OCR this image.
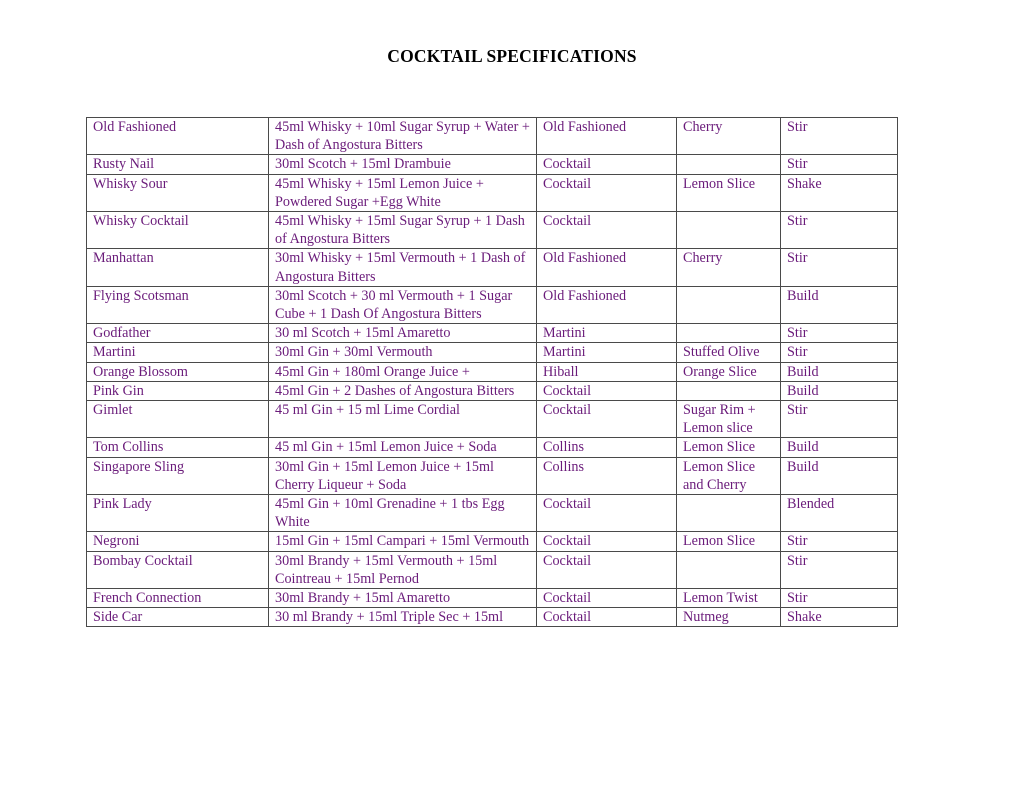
COCKTAIL SPECIFICATIONS
Old Fashioned	45ml Whisky + 10ml Sugar Syrup + Water + Dash of Angostura Bitters	Old Fashioned	Cherry	Stir
Rusty Nail	30ml Scotch + 15ml Drambuie	Cocktail		Stir
Whisky Sour	45ml Whisky + 15ml Lemon Juice + Powdered Sugar +Egg White	Cocktail	Lemon Slice	Shake
Whisky Cocktail	45ml Whisky + 15ml Sugar Syrup + 1 Dash of Angostura Bitters	Cocktail		Stir
Manhattan	30ml Whisky + 15ml Vermouth + 1 Dash of Angostura Bitters	Old Fashioned	Cherry	Stir
Flying Scotsman	30ml Scotch + 30 ml Vermouth + 1 Sugar Cube + 1 Dash Of Angostura Bitters	Old Fashioned		Build
Godfather	30 ml Scotch + 15ml Amaretto	Martini		Stir
Martini	30ml Gin + 30ml Vermouth	Martini	Stuffed Olive	Stir
Orange Blossom	45ml Gin + 180ml Orange Juice +	Hiball	Orange Slice	Build
Pink Gin	45ml Gin + 2 Dashes of Angostura Bitters	Cocktail		Build
Gimlet	45 ml Gin + 15 ml Lime Cordial	Cocktail	Sugar Rim + Lemon slice	Stir
Tom Collins	45 ml Gin + 15ml Lemon Juice + Soda	Collins	Lemon Slice	Build
Singapore Sling	30ml Gin + 15ml Lemon Juice + 15ml Cherry Liqueur + Soda	Collins	Lemon Slice and Cherry	Build
Pink Lady	45ml Gin + 10ml Grenadine + 1 tbs Egg White	Cocktail		Blended
Negroni	15ml Gin + 15ml Campari + 15ml Vermouth	Cocktail	Lemon Slice	Stir
Bombay Cocktail	30ml Brandy + 15ml Vermouth + 15ml Cointreau + 15ml Pernod	Cocktail		Stir
French Connection	30ml Brandy + 15ml Amaretto	Cocktail	Lemon Twist	Stir
Side Car	30 ml Brandy + 15ml Triple Sec + 15ml	Cocktail	Nutmeg	Shake
